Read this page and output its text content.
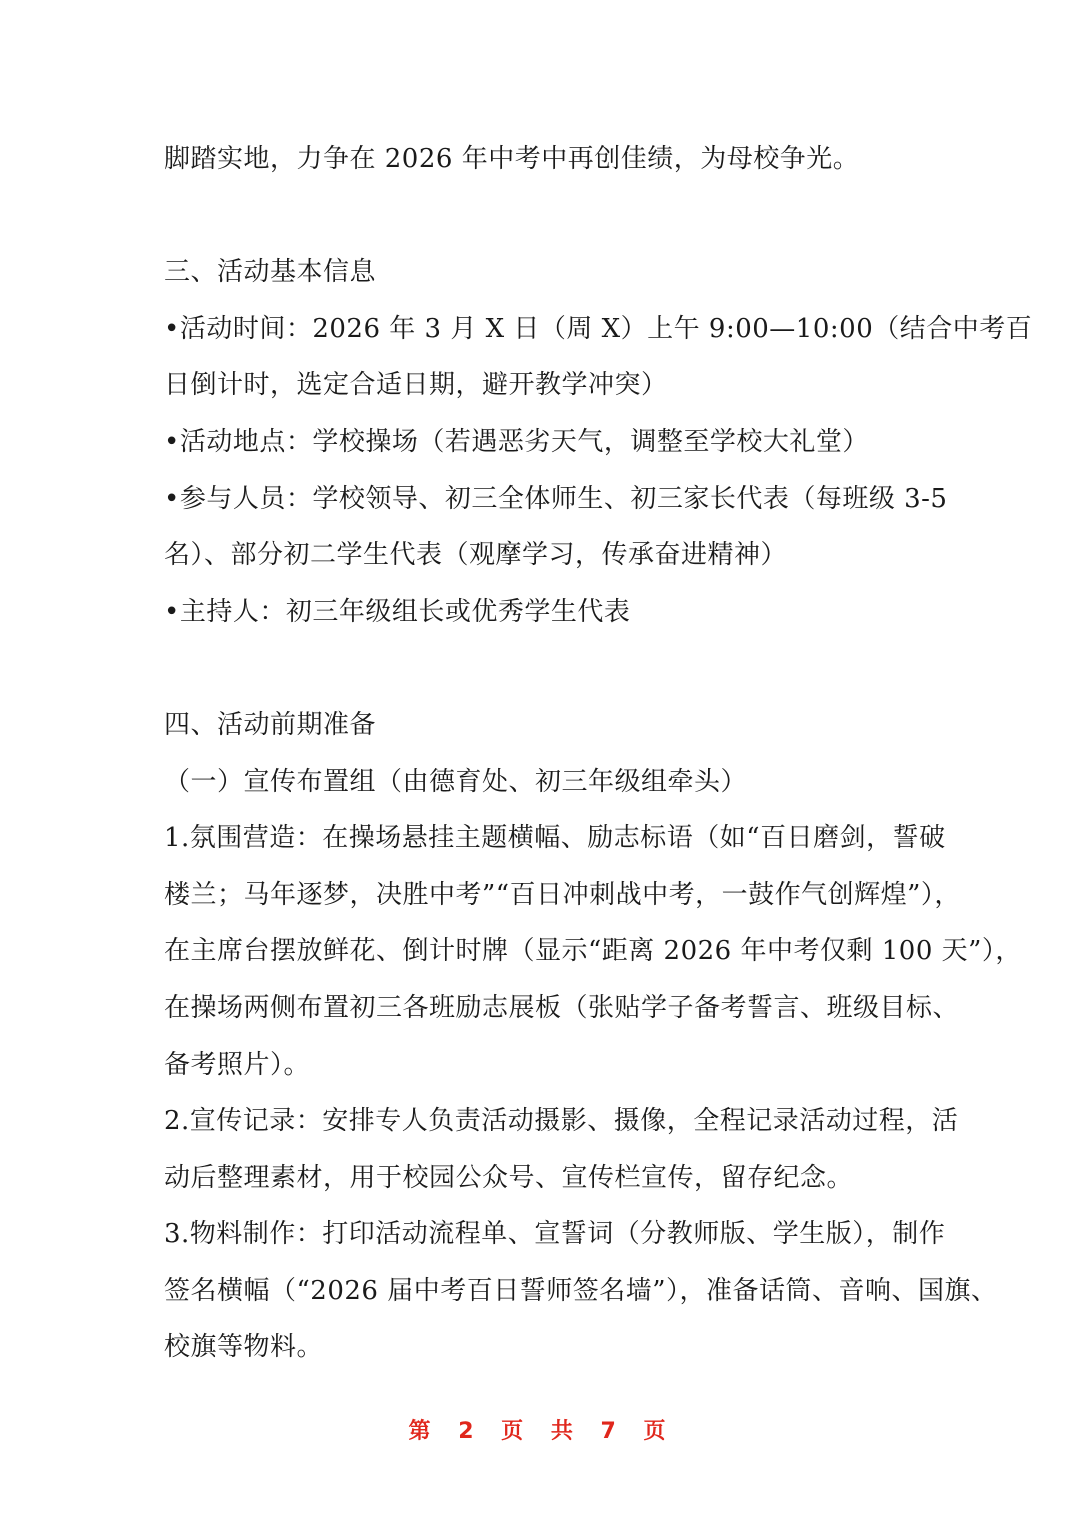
脚踏实地，力争在 2026 年中考中再创佳绩，为母校争光。
三、活动基本信息
•活动时间：2026 年 3 月 X 日（周 X）上午 9:00—10:00（结合中考百
日倒计时，选定合适日期，避开教学冲突）
•活动地点：学校操场（若遇恶劣天气，调整至学校大礼堂）
•参与人员：学校领导、初三全体师生、初三家长代表（每班级 3-5
名）、部分初二学生代表（观摩学习，传承奋进精神）
•主持人：初三年级组长或优秀学生代表
四、活动前期准备
（一）宣传布置组（由德育处、初三年级组牵头）
1.氛围营造：在操场悬挂主题横幅、励志标语（如“百日磨剑，誓破
楼兰；马年逐梦，决胜中考”“百日冲刺战中考，一鼓作气创辉煌”），
在主席台摆放鲜花、倒计时牌（显示“距离 2026 年中考仅剩 100 天”），
在操场两侧布置初三各班励志展板（张贴学子备考誓言、班级目标、
备考照片）。
2.宣传记录：安排专人负责活动摄影、摄像，全程记录活动过程，活
动后整理素材，用于校园公众号、宣传栏宣传，留存纪念。
3.物料制作：打印活动流程单、宣誓词（分教师版、学生版），制作
签名横幅（“2026 届中考百日誓师签名墙”），准备话筒、音响、国旗、
校旗等物料。
第 2 页 共 7 页
